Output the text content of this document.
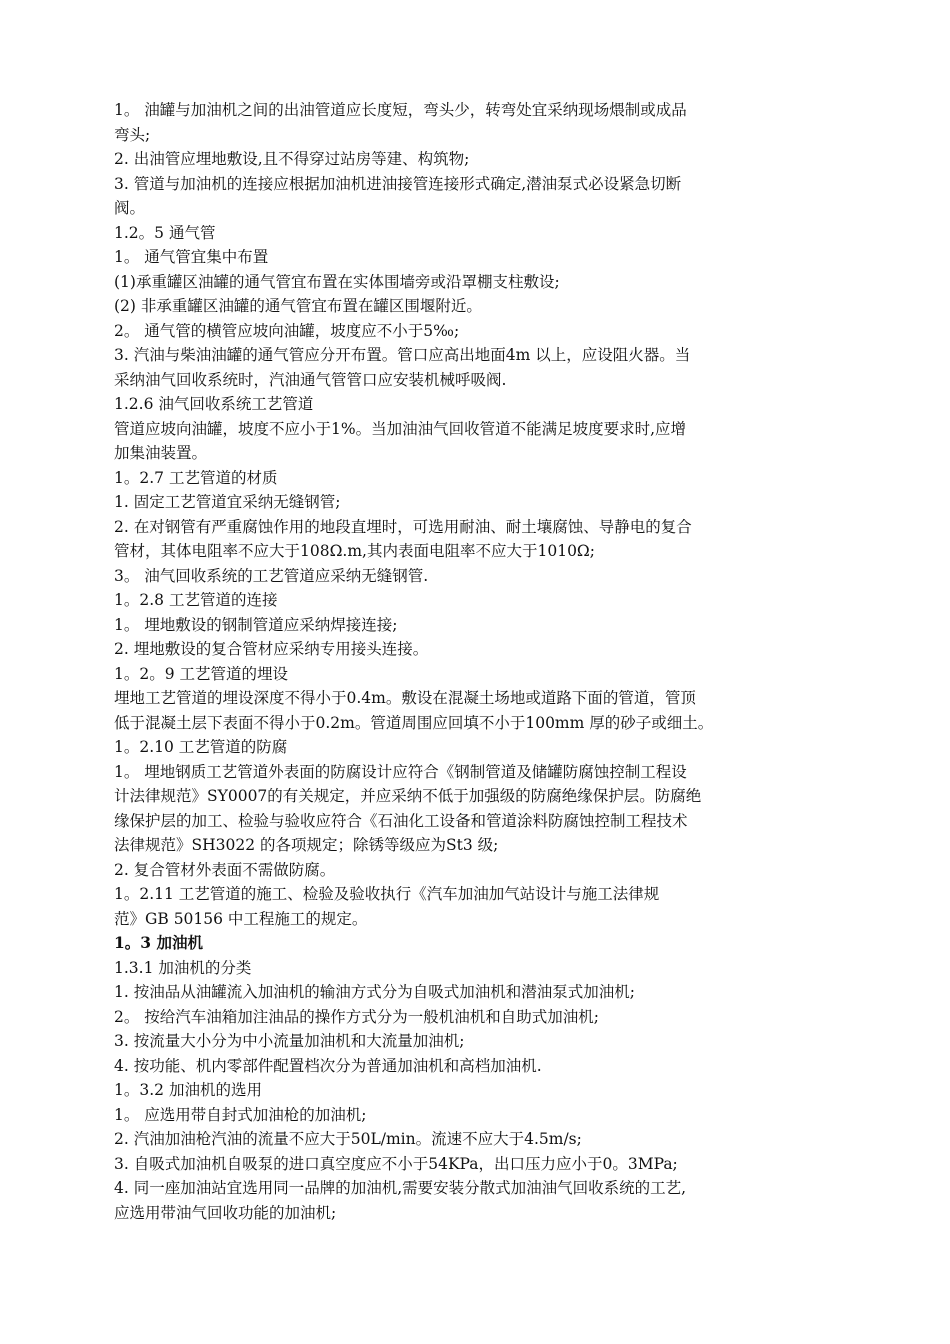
1。 油罐与加油机之间的出油管道应长度短，弯头少，转弯处宜采纳现场煨制或成品

弯头;

2. 出油管应埋地敷设,且不得穿过站房等建、构筑物;

3. 管道与加油机的连接应根据加油机进油接管连接形式确定,潜油泵式必设紧急切断

阀。

1.2。5 通气管

1。 通气管宜集中布置

(1)承重罐区油罐的通气管宜布置在实体围墙旁或沿罩棚支柱敷设;

(2) 非承重罐区油罐的通气管宜布置在罐区围堰附近。

2。 通气管的横管应坡向油罐，坡度应不小于5‰;

3. 汽油与柴油油罐的通气管应分开布置。管口应高出地面4m 以上，应设阻火器。当

采纳油气回收系统时，汽油通气管管口应安装机械呼吸阀.

1.2.6 油气回收系统工艺管道

管道应坡向油罐，坡度不应小于1%。当加油油气回收管道不能满足坡度要求时,应增

加集油装置。

1。2.7 工艺管道的材质

1. 固定工艺管道宜采纳无缝钢管;

2. 在对钢管有严重腐蚀作用的地段直埋时，可选用耐油、耐土壤腐蚀、导静电的复合

管材，其体电阻率不应大于108Ω.m,其内表面电阻率不应大于1010Ω;

3。 油气回收系统的工艺管道应采纳无缝钢管.

1。2.8 工艺管道的连接

1。 埋地敷设的钢制管道应采纳焊接连接;

2. 埋地敷设的复合管材应采纳专用接头连接。

1。2。9 工艺管道的埋设

埋地工艺管道的埋设深度不得小于0.4m。敷设在混凝土场地或道路下面的管道，管顶

低于混凝土层下表面不得小于0.2m。管道周围应回填不小于100mm 厚的砂子或细土。

1。2.10 工艺管道的防腐

1。 埋地钢质工艺管道外表面的防腐设计应符合《钢制管道及储罐防腐蚀控制工程设

计法律规范》SY0007的有关规定，并应采纳不低于加强级的防腐绝缘保护层。防腐绝

缘保护层的加工、检验与验收应符合《石油化工设备和管道涂料防腐蚀控制工程技术

法律规范》SH3022 的各项规定；除锈等级应为St3 级;

2. 复合管材外表面不需做防腐。

1。2.11 工艺管道的施工、检验及验收执行《汽车加油加气站设计与施工法律规

范》GB 50156 中工程施工的规定。

1。3 加油机

1.3.1 加油机的分类

1. 按油品从油罐流入加油机的输油方式分为自吸式加油机和潜油泵式加油机;

2。 按给汽车油箱加注油品的操作方式分为一般机油机和自助式加油机;

3. 按流量大小分为中小流量加油机和大流量加油机;

4. 按功能、机内零部件配置档次分为普通加油机和高档加油机.

1。3.2 加油机的选用

1。 应选用带自封式加油枪的加油机;

2. 汽油加油枪汽油的流量不应大于50L/min。流速不应大于4.5m/s;

3. 自吸式加油机自吸泵的进口真空度应不小于54KPa，出口压力应小于0。3MPa;

4. 同一座加油站宜选用同一品牌的加油机,需要安装分散式加油油气回收系统的工艺,

应选用带油气回收功能的加油机;
